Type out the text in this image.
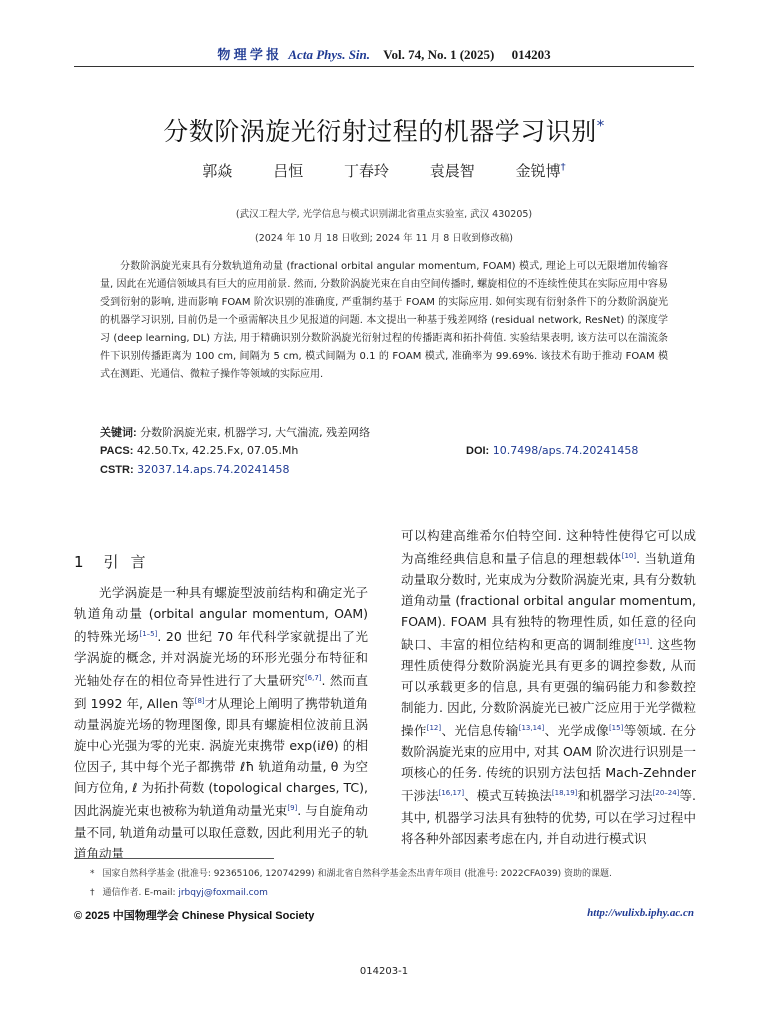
物 理 学 报 Acta Phys. Sin. Vol. 74, No. 1 (2025) 014203
分数阶涡旋光衍射过程的机器学习识别*
郭焱	吕恒	丁春玲	袁晨智	金锐博†
(武汉工程大学, 光学信息与模式识别湖北省重点实验室, 武汉 430205)
(2024 年 10 月 18 日收到; 2024 年 11 月 8 日收到修改稿)

分数阶涡旋光束具有分数轨道角动量 (fractional orbital angular momentum, FOAM) 模式, 理论上可以无限增加传输容量, 因此在光通信领域具有巨大的应用前景. 然而, 分数阶涡旋光束在自由空间传播时, 螺旋相位的不连续性使其在实际应用中容易受到衍射的影响, 进而影响 FOAM 阶次识别的准确度, 严重制约基于 FOAM 的实际应用. 如何实现有衍射条件下的分数阶涡旋光的机器学习识别, 目前仍是一个亟需解决且少见报道的问题. 本文提出一种基于残差网络 (residual network, ResNet) 的深度学习 (deep learning, DL) 方法, 用于精确识别分数阶涡旋光衍射过程的传播距离和拓扑荷值. 实验结果表明, 该方法可以在湍流条件下识别传播距离为 100 cm, 间隔为 5 cm, 模式间隔为 0.1 的 FOAM 模式, 准确率为 99.69%. 该技术有助于推动 FOAM 模式在测距、光通信、微粒子操作等领域的实际应用.

关键词: 分数阶涡旋光束, 机器学习, 大气湍流, 残差网络
PACS: 42.50.Tx, 42.25.Fx, 07.05.Mh	DOI: 10.7498/aps.74.20241458
CSTR: 32037.14.aps.74.20241458
1 引言

光学涡旋是一种具有螺旋型波前结构和确定光子轨道角动量 (orbital angular momentum, OAM) 的特殊光场[1–5]. 20 世纪 70 年代科学家就提出了光学涡旋的概念, 并对涡旋光场的环形光强分布特征和光轴处存在的相位奇异性进行了大量研究[6,7]. 然而直到 1992 年, Allen 等[8]才从理论上阐明了携带轨道角动量涡旋光场的物理图像, 即具有螺旋相位波前且涡旋中心光强为零的光束. 涡旋光束携带 exp(iℓθ) 的相位因子, 其中每个光子都携带 ℓħ 轨道角动量, θ 为空间方位角, ℓ 为拓扑荷数 (topological charges, TC), 因此涡旋光束也被称为轨道角动量光束[9]. 与自旋角动量不同, 轨道角动量可以取任意数, 因此利用光子的轨道角动量

可以构建高维希尔伯特空间. 这种特性使得它可以成为高维经典信息和量子信息的理想载体[10]. 当轨道角动量取分数时, 光束成为分数阶涡旋光束, 具有分数轨道角动量 (fractional orbital angular momentum, FOAM). FOAM 具有独特的物理性质, 如任意的径向缺口、丰富的相位结构和更高的调制维度[11]. 这些物理性质使得分数阶涡旋光具有更多的调控参数, 从而可以承载更多的信息, 具有更强的编码能力和参数控制能力. 因此, 分数阶涡旋光已被广泛应用于光学微粒操作[12]、光信息传输[13,14]、光学成像[15]等领域. 在分数阶涡旋光束的应用中, 对其 OAM 阶次进行识别是一项核心的任务. 传统的识别方法包括 Mach-Zehnder 干涉法[16,17]、模式互转换法[18,19]和机器学习法[20–24]等. 其中, 机器学习法具有独特的优势, 可以在学习过程中将各种外部因素考虑在内, 并自动进行模式识

* 国家自然科学基金 (批准号: 92365106, 12074299) 和湖北省自然科学基金杰出青年项目 (批准号: 2022CFA039) 资助的课题.
† 通信作者. E-mail: jrbqyj@foxmail.com
© 2025 中国物理学会 Chinese Physical Society	http://wulixb.iphy.ac.cn
014203-1
